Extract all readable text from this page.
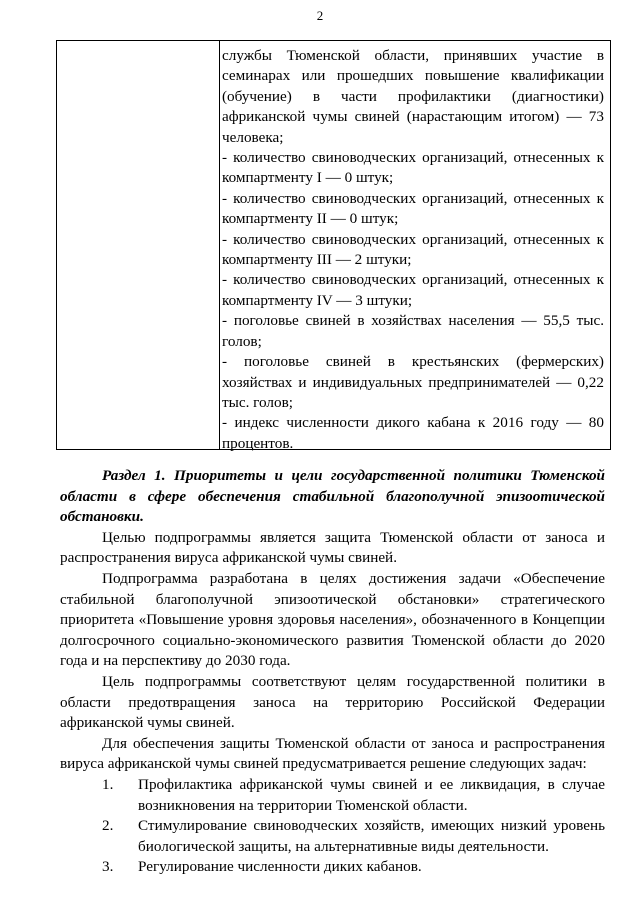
2
службы Тюменской области, принявших участие в
семинарах или прошедших повышение квалификации
(обучение) в части профилактики (диагностики)
африканской чумы свиней (нарастающим итогом) — 73
человека;
- количество свиноводческих организаций, отнесенных к
компартменту I — 0 штук;
- количество свиноводческих организаций, отнесенных к
компартменту II — 0 штук;
- количество свиноводческих организаций, отнесенных к
компартменту III — 2 штуки;
- количество свиноводческих организаций, отнесенных к
компартменту IV — 3 штуки;
- поголовье свиней в хозяйствах населения — 55,5 тыс.
голов;
- поголовье свиней в крестьянских (фермерских)
хозяйствах и индивидуальных предпринимателей — 0,22
тыс. голов;
- индекс численности дикого кабана к 2016 году — 80
процентов.

Раздел 1. Приоритеты и цели государственной политики Тюменской области в сфере обеспечения стабильной благополучной эпизоотической обстановки.

Целью подпрограммы является защита Тюменской области от заноса и распространения вируса африканской чумы свиней.

Подпрограмма разработана в целях достижения задачи «Обеспечение стабильной благополучной эпизоотической обстановки» стратегического приоритета «Повышение уровня здоровья населения», обозначенного в Концепции долгосрочного социально-экономического развития Тюменской области до 2020 года и на перспективу до 2030 года.

Цель подпрограммы соответствуют целям государственной политики в области предотвращения заноса на территорию Российской Федерации африканской чумы свиней.

Для обеспечения защиты Тюменской области от заноса и распространения вируса африканской чумы свиней предусматривается решение следующих задач:

1.	Профилактика африканской чумы свиней и ее ликвидация, в случае возникновения на территории Тюменской области.
2.	Стимулирование свиноводческих хозяйств, имеющих низкий уровень биологической защиты, на альтернативные виды деятельности.
3.	Регулирование численности диких кабанов.
